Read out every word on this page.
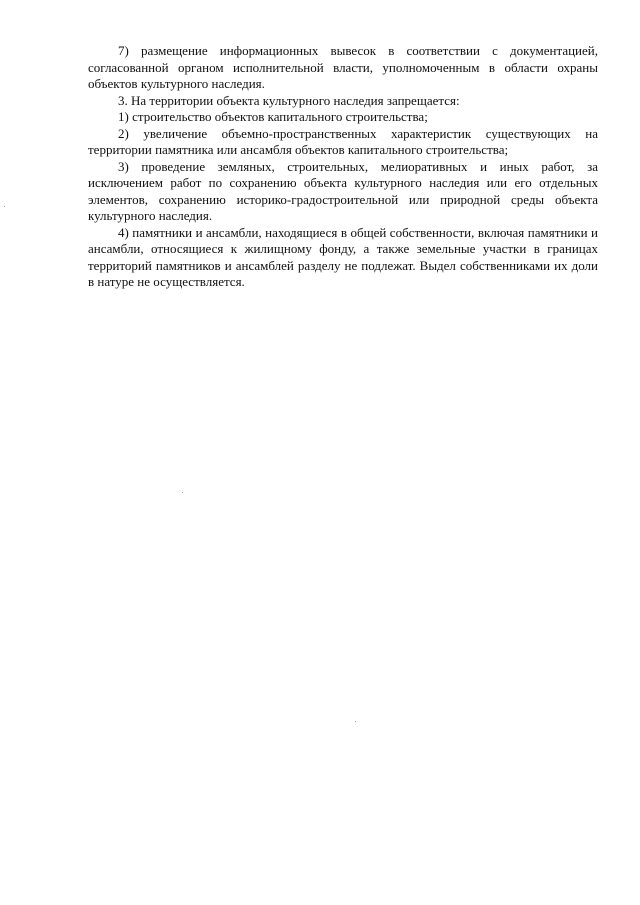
7) размещение информационных вывесок в соответствии с документацией, согласованной органом исполнительной власти, уполномоченным в области охраны объектов культурного наследия.

3. На территории объекта культурного наследия запрещается:

1) строительство объектов капитального строительства;

2) увеличение объемно-пространственных характеристик существующих на территории памятника или ансамбля объектов капитального строительства;

3) проведение земляных, строительных, мелиоративных и иных работ, за исключением работ по сохранению объекта культурного наследия или его отдельных элементов, сохранению историко-градостроительной или природной среды объекта культурного наследия.

4) памятники и ансамбли, находящиеся в общей собственности, включая памятники и ансамбли, относящиеся к жилищному фонду, а также земельные участки в границах территорий памятников и ансамблей разделу не подлежат. Выдел собственниками их доли в натуре не осуществляется.
